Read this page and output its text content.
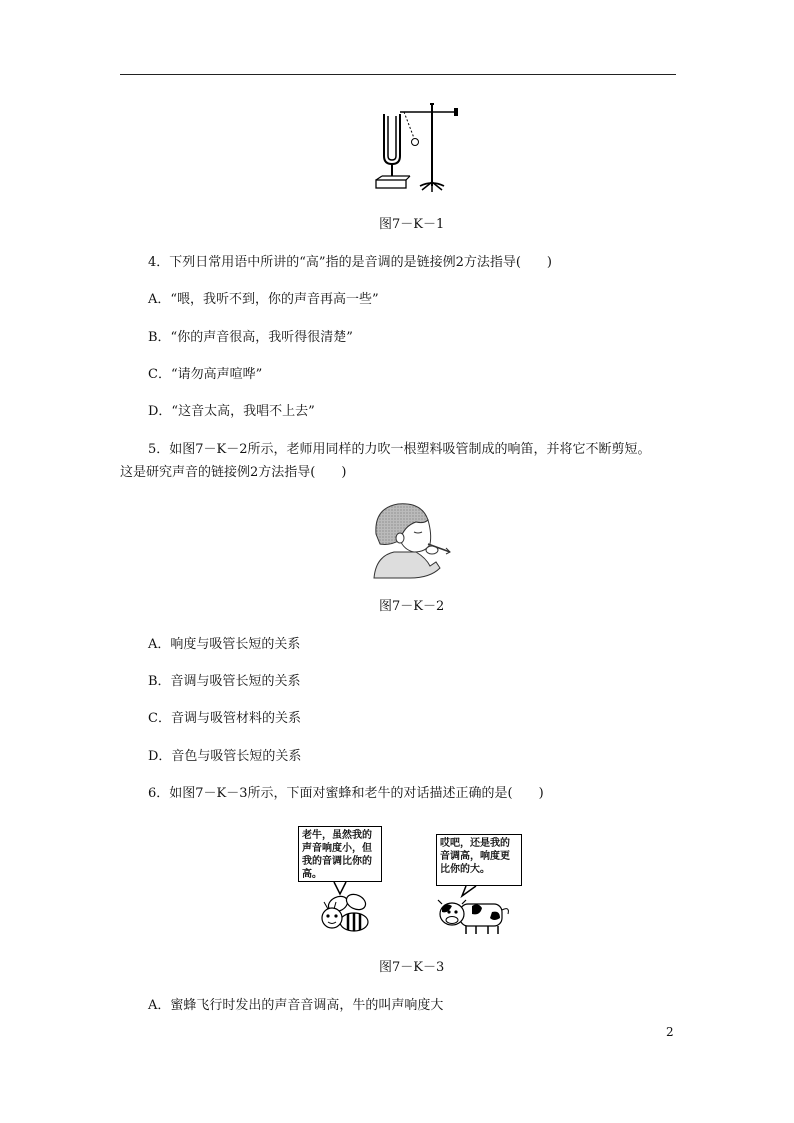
图7－K－1
4．下列日常用语中所讲的“高”指的是音调的是链接例2方法指导(　　)
A．“喂，我听不到，你的声音再高一些”
B．“你的声音很高，我听得很清楚”
C．“请勿高声喧哗”
D．“这音太高，我唱不上去”
5．如图7－K－2所示，老师用同样的力吹一根塑料吸管制成的响笛，并将它不断剪短。
这是研究声音的链接例2方法指导(　　)
图7－K－2
A．响度与吸管长短的关系
B．音调与吸管长短的关系
C．音调与吸管材料的关系
D．音色与吸管长短的关系
6．如图7－K－3所示，下面对蜜蜂和老牛的对话描述正确的是(　　)
老牛，虽然我的声音响度小，但我的音调比你的高。
哎吧，还是我的音调高，响度更比你的大。
图7－K－3
A．蜜蜂飞行时发出的声音音调高，牛的叫声响度大
2
